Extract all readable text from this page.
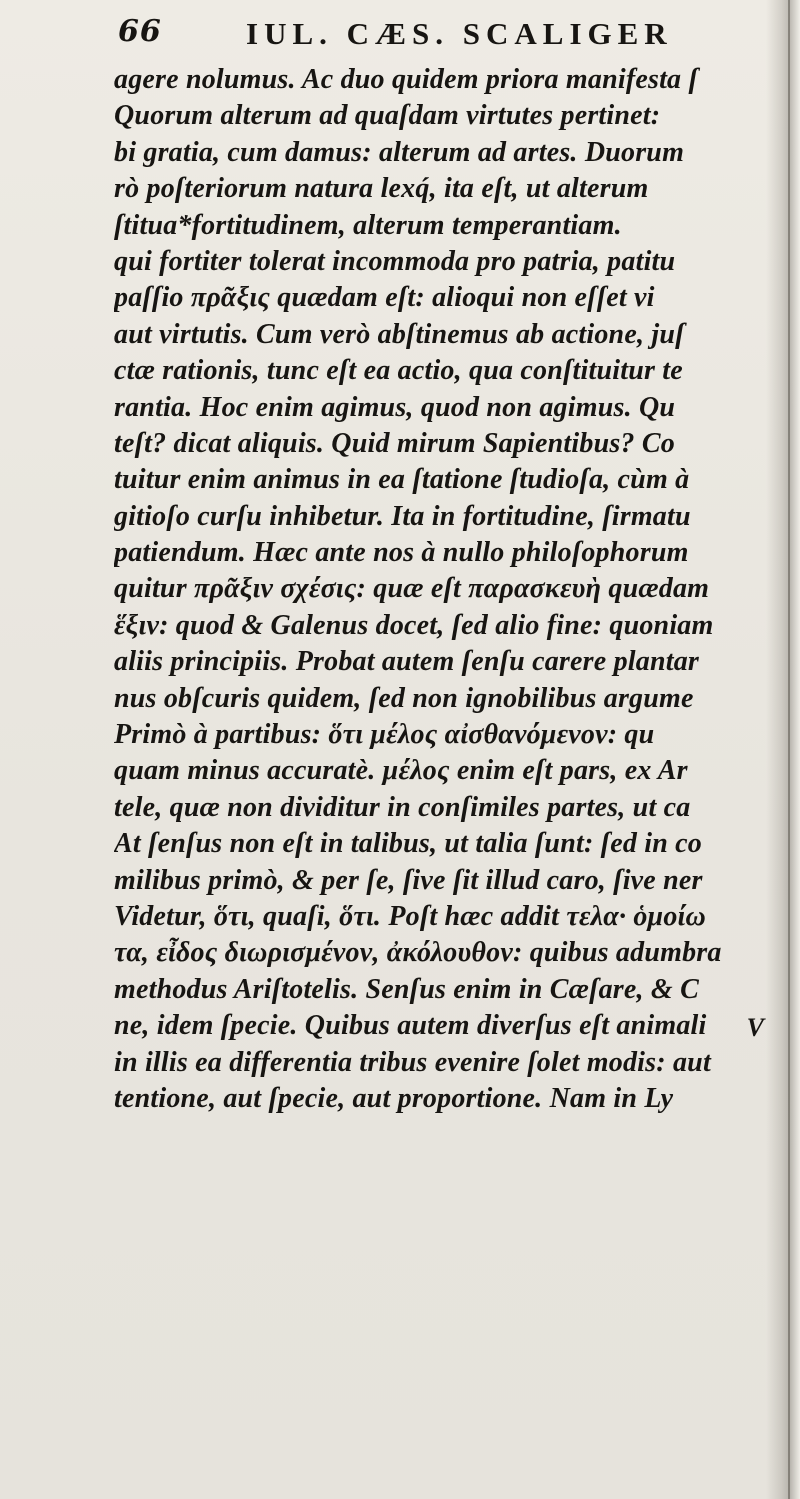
66	IUL. CÆS. SCALIGER
agere nolumus. Ac duo quidem priora manifesta ſ
Quorum alterum ad quaſdam virtutes pertinet:
bi gratia, cum damus: alterum ad artes. Duorum
rò poſteriorum natura lexq́, ita eſt, ut alterum
ſtitua*fortitudinem, alterum temperantiam.
qui fortiter tolerat incommoda pro patria, patitu
paſſio πρᾶξις quædam eſt: alioqui non eſſet vi
aut virtutis. Cum verò abſtinemus ab actione, juſ
ctæ rationis, tunc eſt ea actio, qua conſtituitur te
rantia. Hoc enim agimus, quod non agimus. Qu
teſt? dicat aliquis. Quid mirum Sapientibus? Co
tuitur enim animus in ea ſtatione ſtudioſa, cùm à
gitioſo curſu inhibetur. Ita in fortitudine, ſirmatu
patiendum. Hæc ante nos à nullo philoſophorum
quitur πρᾶξιν σχέσις: quæ eſt παρασκευὴ quædam
ἕξιν: quod & Galenus docet, ſed alio fine: quoniam
aliis principiis. Probat autem ſenſu carere plantar
nus obſcuris quidem, ſed non ignobilibus argume
Primò à partibus: ὅτι μέλος αἰσθανόμενον: qu
quam minus accuratè. μέλος enim eſt pars, ex Ar
tele, quæ non dividitur in conſimiles partes, ut ca
At ſenſus non eſt in talibus, ut talia ſunt: ſed in co
milibus primò, & per ſe, ſive ſit illud caro, ſive ner
Videtur, ὅτι, quaſi, ὅτι. Poſt hæc addit τελα· ὁμοίω
τα, εἶδος διωρισμένον, ἀκόλουθον: quibus adumbra
methodus Ariſtotelis. Senſus enim in Cæſare, & C
ne, idem ſpecie. Quibus autem diverſus eſt animali
in illis ea differentia tribus evenire ſolet modis: aut
tentione, aut ſpecie, aut proportione. Nam in Ly
V
